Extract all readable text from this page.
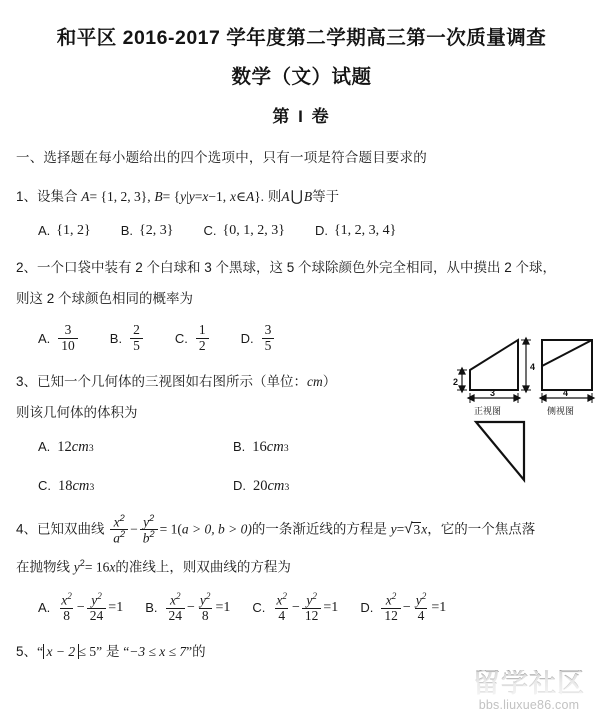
和平区 2016-2017 学年度第二学期高三第一次质量调查
数学（文）试题
第 I 卷
一、选择题在每小题给出的四个选项中，只有一项是符合题目要求的
1、设集合 A= {1, 2, 3}, B= {y|y=x−1, x∈A}. 则A⋃B等于
A. {1, 2} B. {2, 3} C. {0, 1, 2, 3} D. {1, 2, 3, 4}
2、一个口袋中装有 2 个白球和 3 个黑球，这 5 个球除颜色外完全相同，从中摸出 2 个球，
则这 2 个球颜色相同的概率为
A. $\frac{3}{10} B$. $\frac{2}{5} C$. $\frac{1}{2} D$. $\frac{3}{5}$
3、已知一个几何体的三视图如右图所示（单位：cm）
则该几何体的体积为
A. 12 cm 3	B. 16 cm 3
C. 18 cm 3	D. 20 cm 3
4、已知双曲线 $\frac{x^2}{a^2} - \frac{y^2}{b^2} = 1(a > 0$, b > 0)的一条渐近线的方程是 y= √ 3 x，它的一个焦点落
在抛物线 $y^2= 16x$的准线上，则双曲线的方程为
A. $\frac{x^2}{8} - \frac{y^2}{24} =1$ B. $\frac{x^2}{24} - \frac{y^2}{8} =1$ C. $\frac{x^2}{4} - \frac{y^2}{12} =1$ D. $\frac{x^2}{12} - \frac{y^2}{4} =1$
5、“ x − 2 ≤ 5” 是 “−3 ≤ x ≤ 7”的
2
4
3
正视图
4
侧视图
留学社区
bbs.liuxue86.com
